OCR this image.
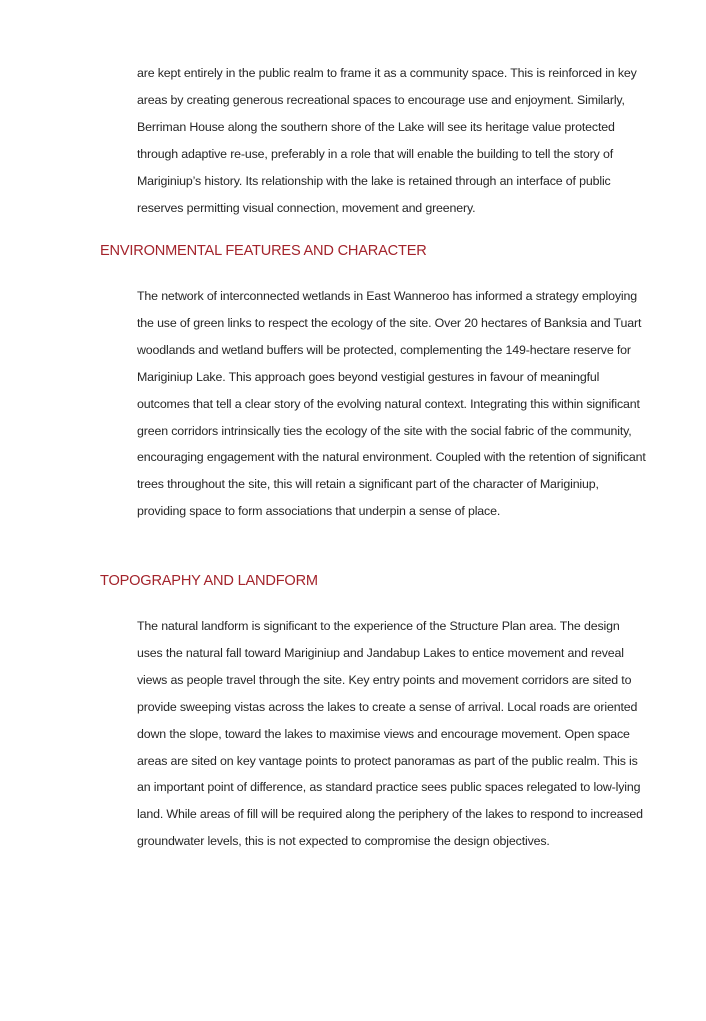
are kept entirely in the public realm to frame it as a community space. This is reinforced in key areas by creating generous recreational spaces to encourage use and enjoyment. Similarly, Berriman House along the southern shore of the Lake will see its heritage value protected through adaptive re-use, preferably in a role that will enable the building to tell the story of Mariginiup’s history. Its relationship with the lake is retained through an interface of public reserves permitting visual connection, movement and greenery.

ENVIRONMENTAL FEATURES AND CHARACTER

The network of interconnected wetlands in East Wanneroo has informed a strategy employing the use of green links to respect the ecology of the site. Over 20 hectares of Banksia and Tuart woodlands and wetland buffers will be protected, complementing the 149-hectare reserve for Mariginiup Lake. This approach goes beyond vestigial gestures in favour of meaningful outcomes that tell a clear story of the evolving natural context. Integrating this within significant green corridors intrinsically ties the ecology of the site with the social fabric of the community, encouraging engagement with the natural environment. Coupled with the retention of significant trees throughout the site, this will retain a significant part of the character of Mariginiup, providing space to form associations that underpin a sense of place.

TOPOGRAPHY AND LANDFORM

The natural landform is significant to the experience of the Structure Plan area. The design uses the natural fall toward Mariginiup and Jandabup Lakes to entice movement and reveal views as people travel through the site. Key entry points and movement corridors are sited to provide sweeping vistas across the lakes to create a sense of arrival. Local roads are oriented down the slope, toward the lakes to maximise views and encourage movement. Open space areas are sited on key vantage points to protect panoramas as part of the public realm. This is an important point of difference, as standard practice sees public spaces relegated to low-lying land. While areas of fill will be required along the periphery of the lakes to respond to increased groundwater levels, this is not expected to compromise the design objectives.
